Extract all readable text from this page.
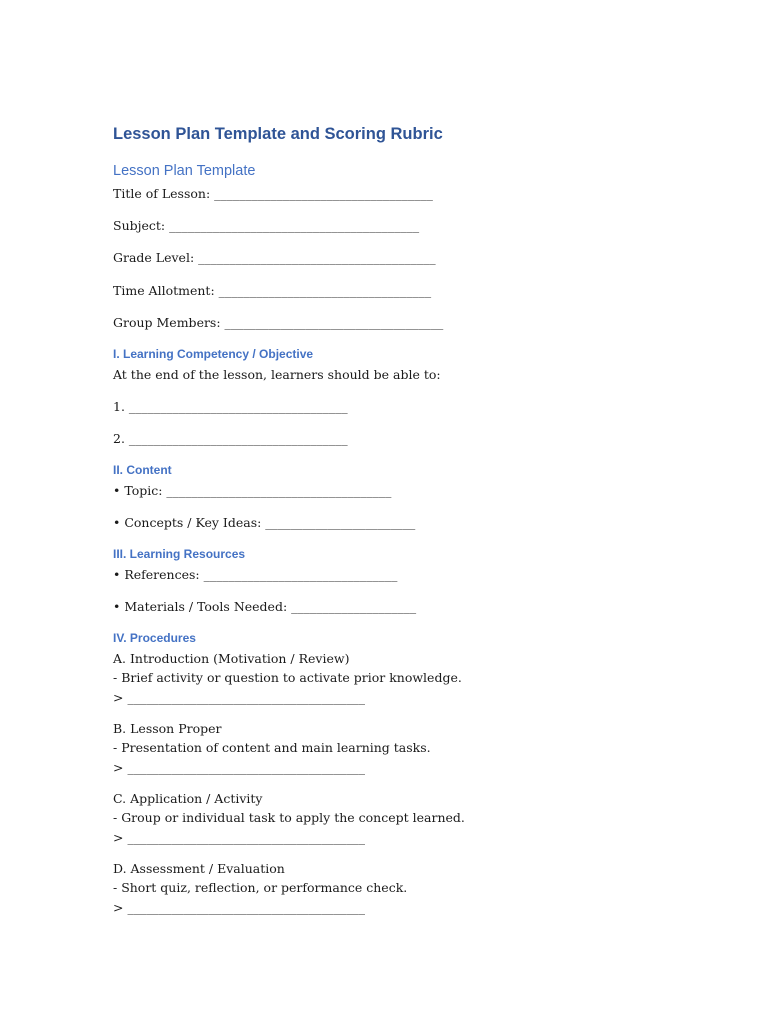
Lesson Plan Template and Scoring Rubric
Lesson Plan Template
Title of Lesson: ___________________________________
Subject: ________________________________________
Grade Level: ______________________________________
Time Allotment: __________________________________
Group Members: ___________________________________
I. Learning Competency / Objective
At the end of the lesson, learners should be able to:
1. ___________________________________
2. ___________________________________
II. Content
• Topic: ____________________________________
• Concepts / Key Ideas: ________________________
III. Learning Resources
• References: _______________________________
• Materials / Tools Needed: ____________________
IV. Procedures
A. Introduction (Motivation / Review)
- Brief activity or question to activate prior knowledge.
> ______________________________________
B. Lesson Proper
- Presentation of content and main learning tasks.
> ______________________________________
C. Application / Activity
- Group or individual task to apply the concept learned.
> ______________________________________
D. Assessment / Evaluation
- Short quiz, reflection, or performance check.
> ______________________________________
